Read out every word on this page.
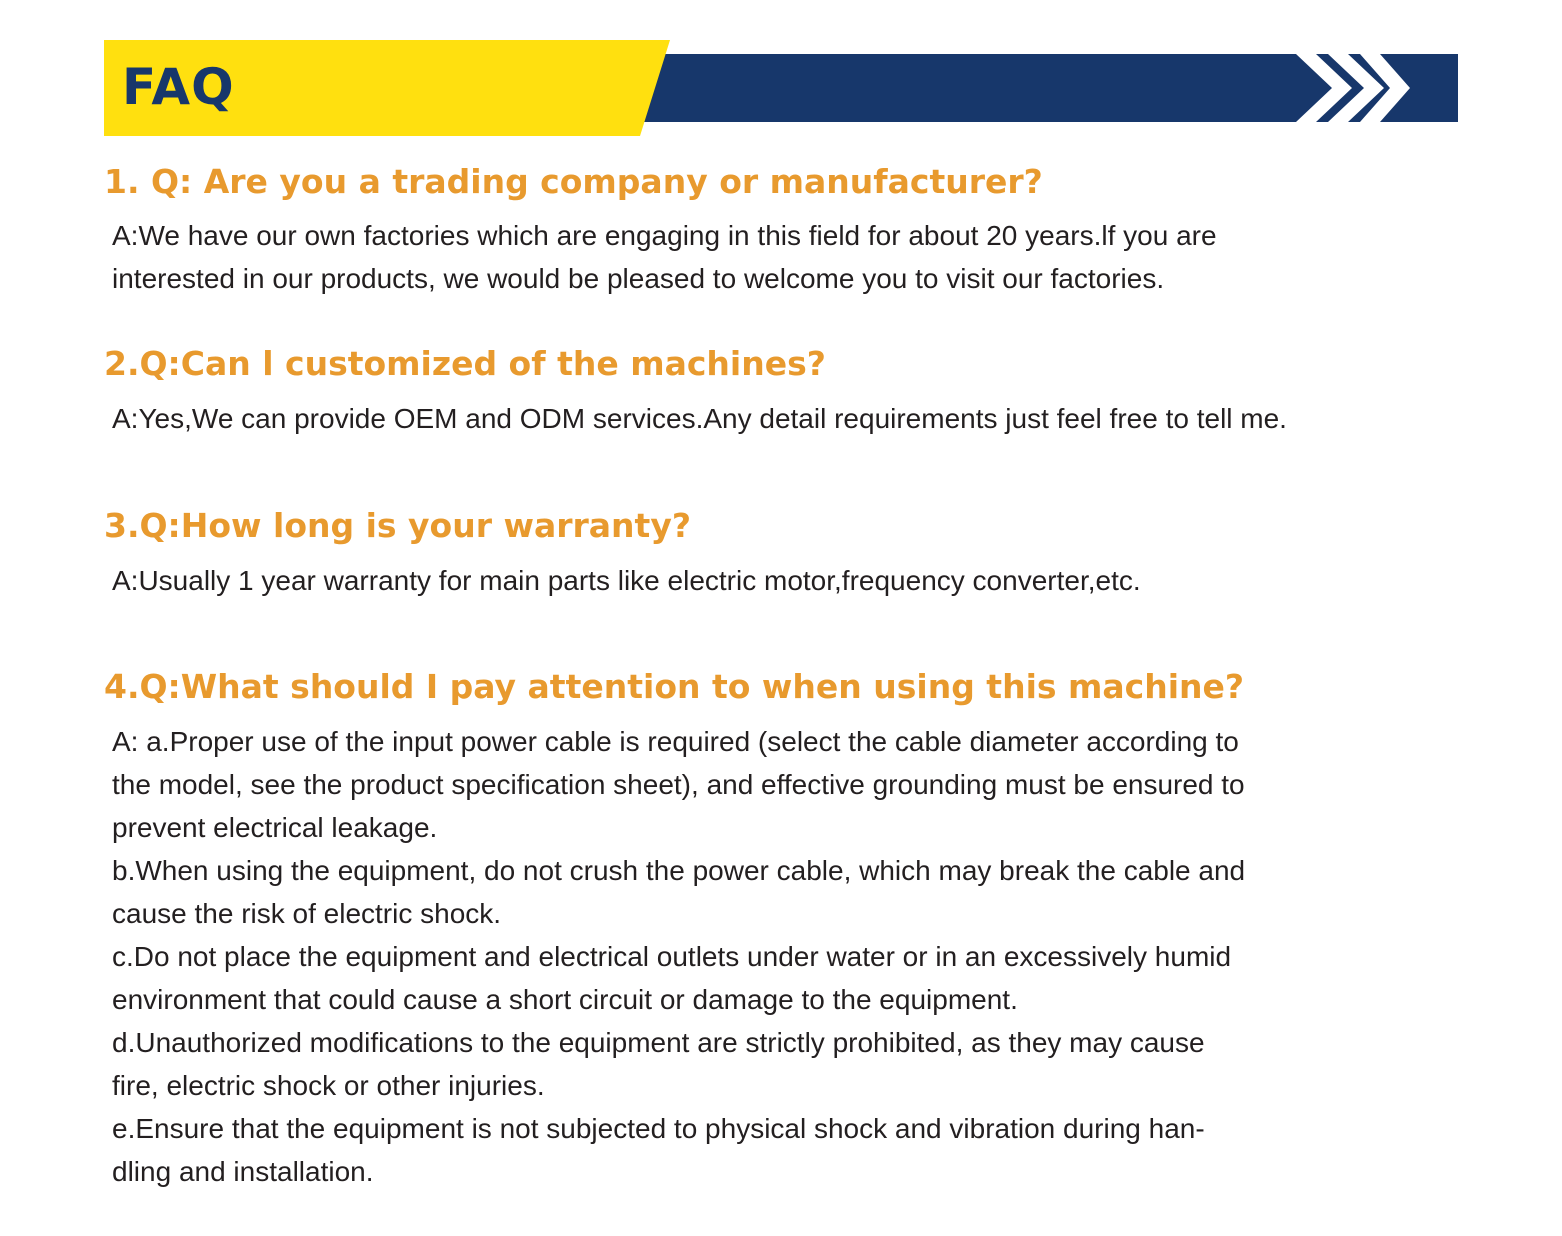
FAQ
1. Q: Are you a trading company or manufacturer?
A:We have our own factories which are engaging in this field for about 20 years.lf you are
interested in our products, we would be pleased to welcome you to visit our factories.
2.Q:Can l customized of the machines?
A:Yes,We can provide OEM and ODM services.Any detail requirements just feel free to tell me.
3.Q:How long is your warranty?
A:Usually 1 year warranty for main parts like electric motor,frequency converter,etc.
4.Q:What should I pay attention to when using this machine?
A: a.Proper use of the input power cable is required (select the cable diameter according to
the model, see the product specification sheet), and effective grounding must be ensured to
prevent electrical leakage.
b.When using the equipment, do not crush the power cable, which may break the cable and
cause the risk of electric shock.
c.Do not place the equipment and electrical outlets under water or in an excessively humid
environment that could cause a short circuit or damage to the equipment.
d.Unauthorized modifications to the equipment are strictly prohibited, as they may cause
fire, electric shock or other injuries.
e.Ensure that the equipment is not subjected to physical shock and vibration during han-
dling and installation.
